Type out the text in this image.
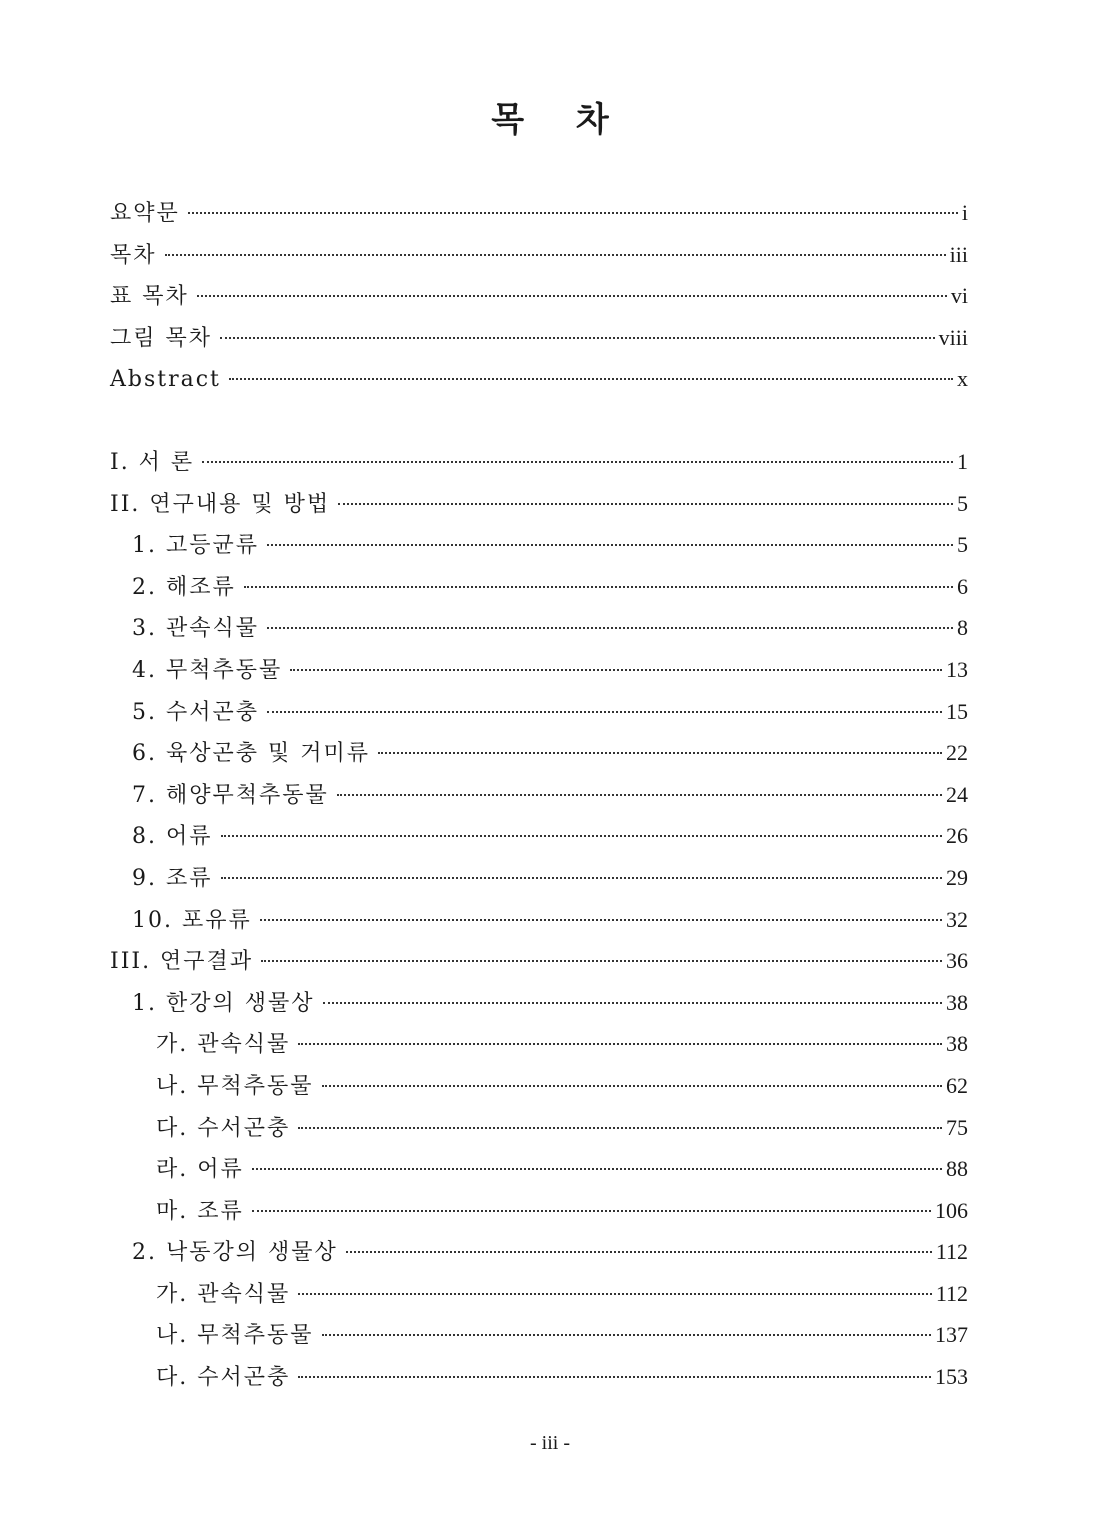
목 차
요약문	i
목차	iii
표 목차	vi
그림 목차	viii
Abstract	x
I. 서 론	1
II. 연구내용 및 방법	5
1. 고등균류	5
2. 해조류	6
3. 관속식물	8
4. 무척추동물	13
5. 수서곤충	15
6. 육상곤충 및 거미류	22
7. 해양무척추동물	24
8. 어류	26
9. 조류	29
10. 포유류	32
III. 연구결과	36
1. 한강의 생물상	38
가. 관속식물	38
나. 무척추동물	62
다. 수서곤충	75
라. 어류	88
마. 조류	106
2. 낙동강의 생물상	112
가. 관속식물	112
나. 무척추동물	137
다. 수서곤충	153
- iii -
